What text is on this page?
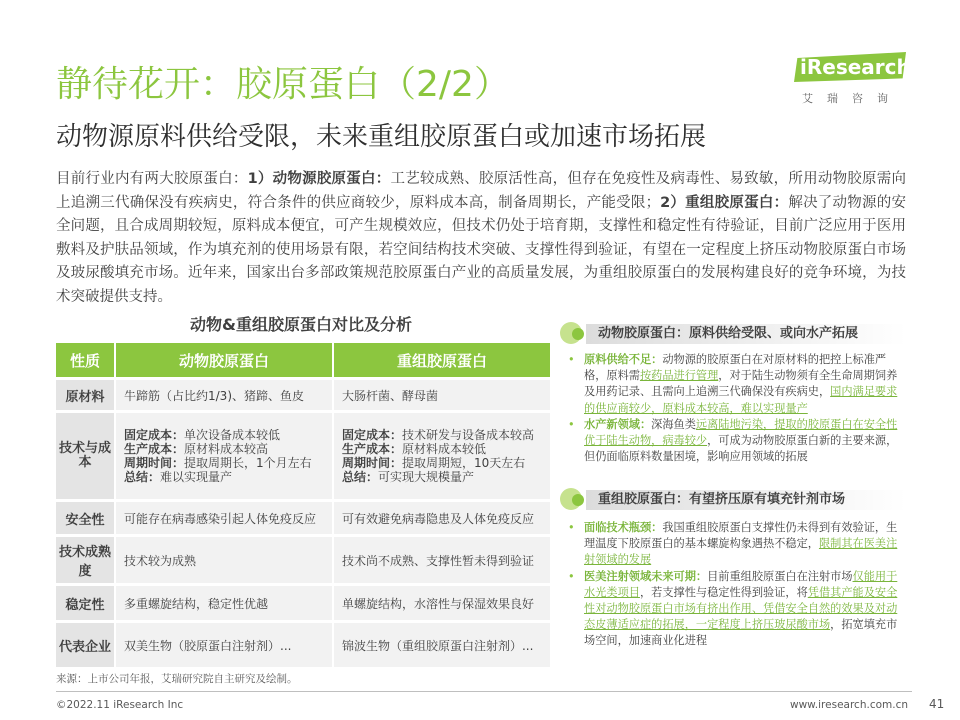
静待花开：胶原蛋白（2/2）
动物源原料供给受限，未来重组胶原蛋白或加速市场拓展
iResearch
艾瑞咨询
目前行业内有两大胶原蛋白：1）动物源胶原蛋白：工艺较成熟、胶原活性高，但存在免疫性及病毒性、易致敏，所用动物胶原需向上追溯三代确保没有疾病史，符合条件的供应商较少，原料成本高，制备周期长，产能受限；2）重组胶原蛋白：解决了动物源的安全问题，且合成周期较短，原料成本便宜，可产生规模效应，但技术仍处于培育期，支撑性和稳定性有待验证，目前广泛应用于医用敷料及护肤品领域，作为填充剂的使用场景有限，若空间结构技术突破、支撑性得到验证，有望在一定程度上挤压动物胶原蛋白市场及玻尿酸填充市场。近年来，国家出台多部政策规范胶原蛋白产业的高质量发展，为重组胶原蛋白的发展构建良好的竞争环境，为技术突破提供支持。
动物&重组胶原蛋白对比及分析
性质	动物胶原蛋白	重组胶原蛋白
原材料	牛蹄筋（占比约1/3)、猪蹄、鱼皮	大肠杆菌、酵母菌
技术与成本	固定成本：单次设备成本较低
生产成本：原材料成本较高
周期时间：提取周期长，1个月左右
总结：难以实现量产	固定成本：技术研发与设备成本较高
生产成本：原材料成本较低
周期时间：提取周期短，10天左右
总结：可实现大规模量产

安全性	可能存在病毒感染引起人体免疫反应	可有效避免病毒隐患及人体免疫反应
技术成熟度	技术较为成熟	技术尚不成熟、支撑性暂未得到验证
稳定性	多重螺旋结构，稳定性优越	单螺旋结构，水溶性与保湿效果良好
代表企业	双美生物（胶原蛋白注射剂）...	锦波生物（重组胶原蛋白注射剂）...
动物胶原蛋白：原料供给受限、或向水产拓展
• 原料供给不足：动物源的胶原蛋白在对原材料的把控上标准严格，原料需按药品进行管理，对于陆生动物须有全生命周期饲养及用药记录、且需向上追溯三代确保没有疾病史，国内满足要求的供应商较少，原料成本较高，难以实现量产
• 水产新领域：深海鱼类远离陆地污染，提取的胶原蛋白在安全性优于陆生动物，病毒较少，可成为动物胶原蛋白新的主要来源，但仍面临原料数量困境，影响应用领域的拓展
重组胶原蛋白：有望挤压原有填充针剂市场
• 面临技术瓶颈：我国重组胶原蛋白支撑性仍未得到有效验证，生理温度下胶原蛋白的基本螺旋构象遇热不稳定，限制其在医美注射领域的发展
• 医美注射领域未来可期：目前重组胶原蛋白在注射市场仅能用于水光类项目，若支撑性与稳定性得到验证，将凭借其产能及安全性对动物胶原蛋白市场有挤出作用、凭借安全自然的效果及对动态皮薄适应症的拓展，一定程度上挤压玻尿酸市场，拓宽填充市场空间，加速商业化进程
来源：上市公司年报，艾瑞研究院自主研究及绘制。
©2022.11 iResearch Inc	www.iresearch.com.cn 41
